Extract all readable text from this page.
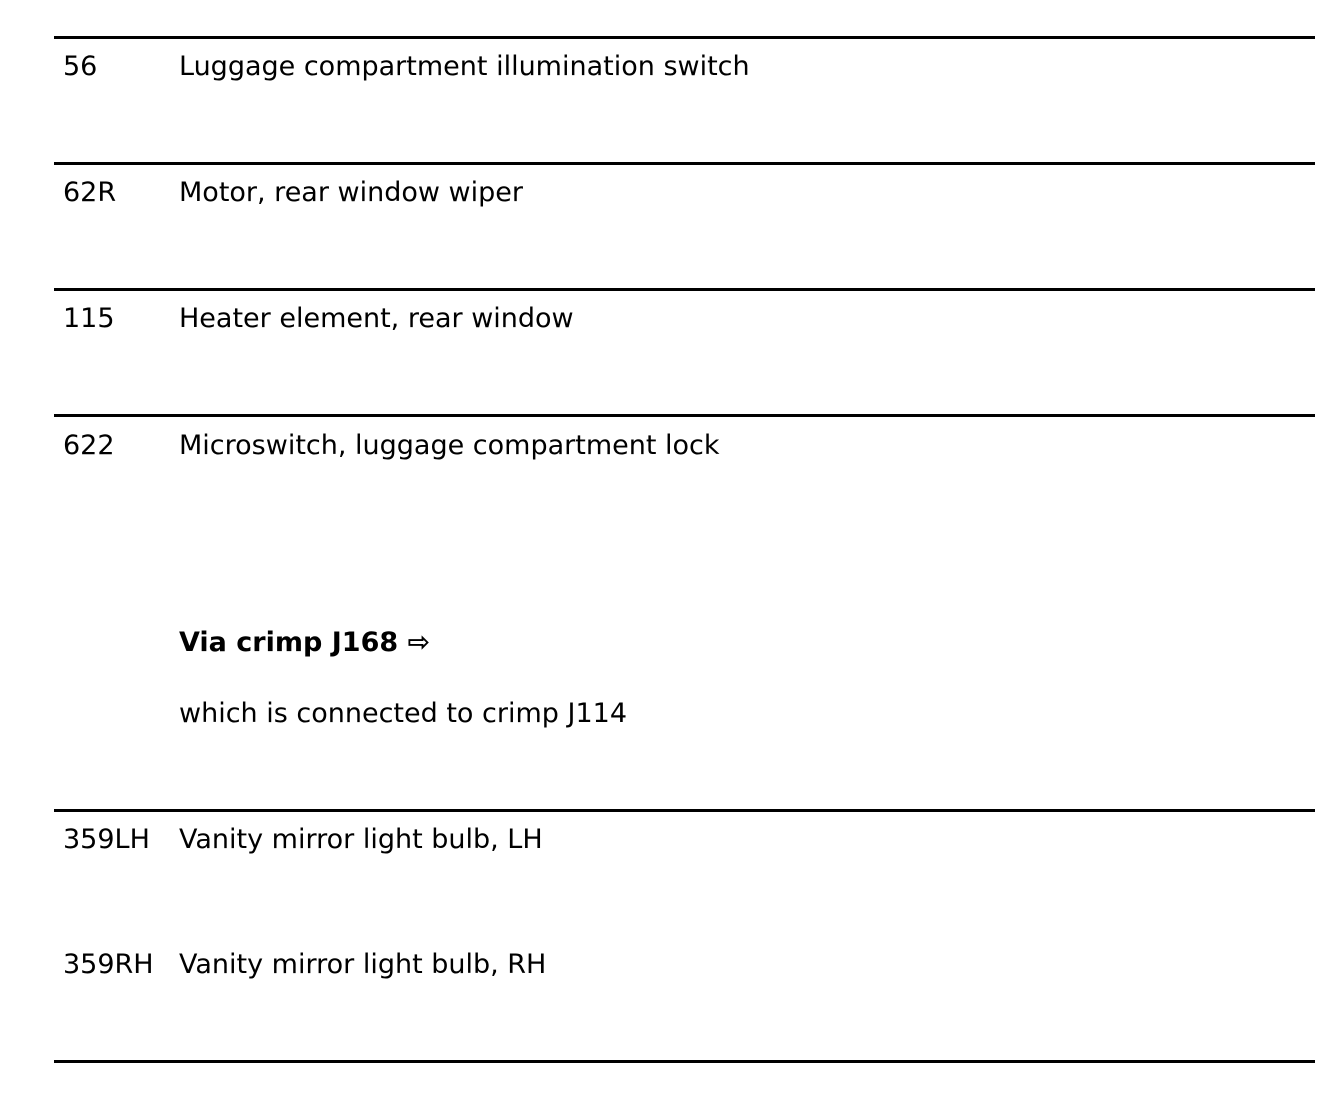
56	Luggage compartment illumination switch
62R Motor, rear window wiper
115 Heater element, rear window
622 Microswitch, luggage compartment lock
Via crimp J168 ⇨
which is connected to crimp J114
359LH Vanity mirror light bulb, LH
359RH Vanity mirror light bulb, RH
